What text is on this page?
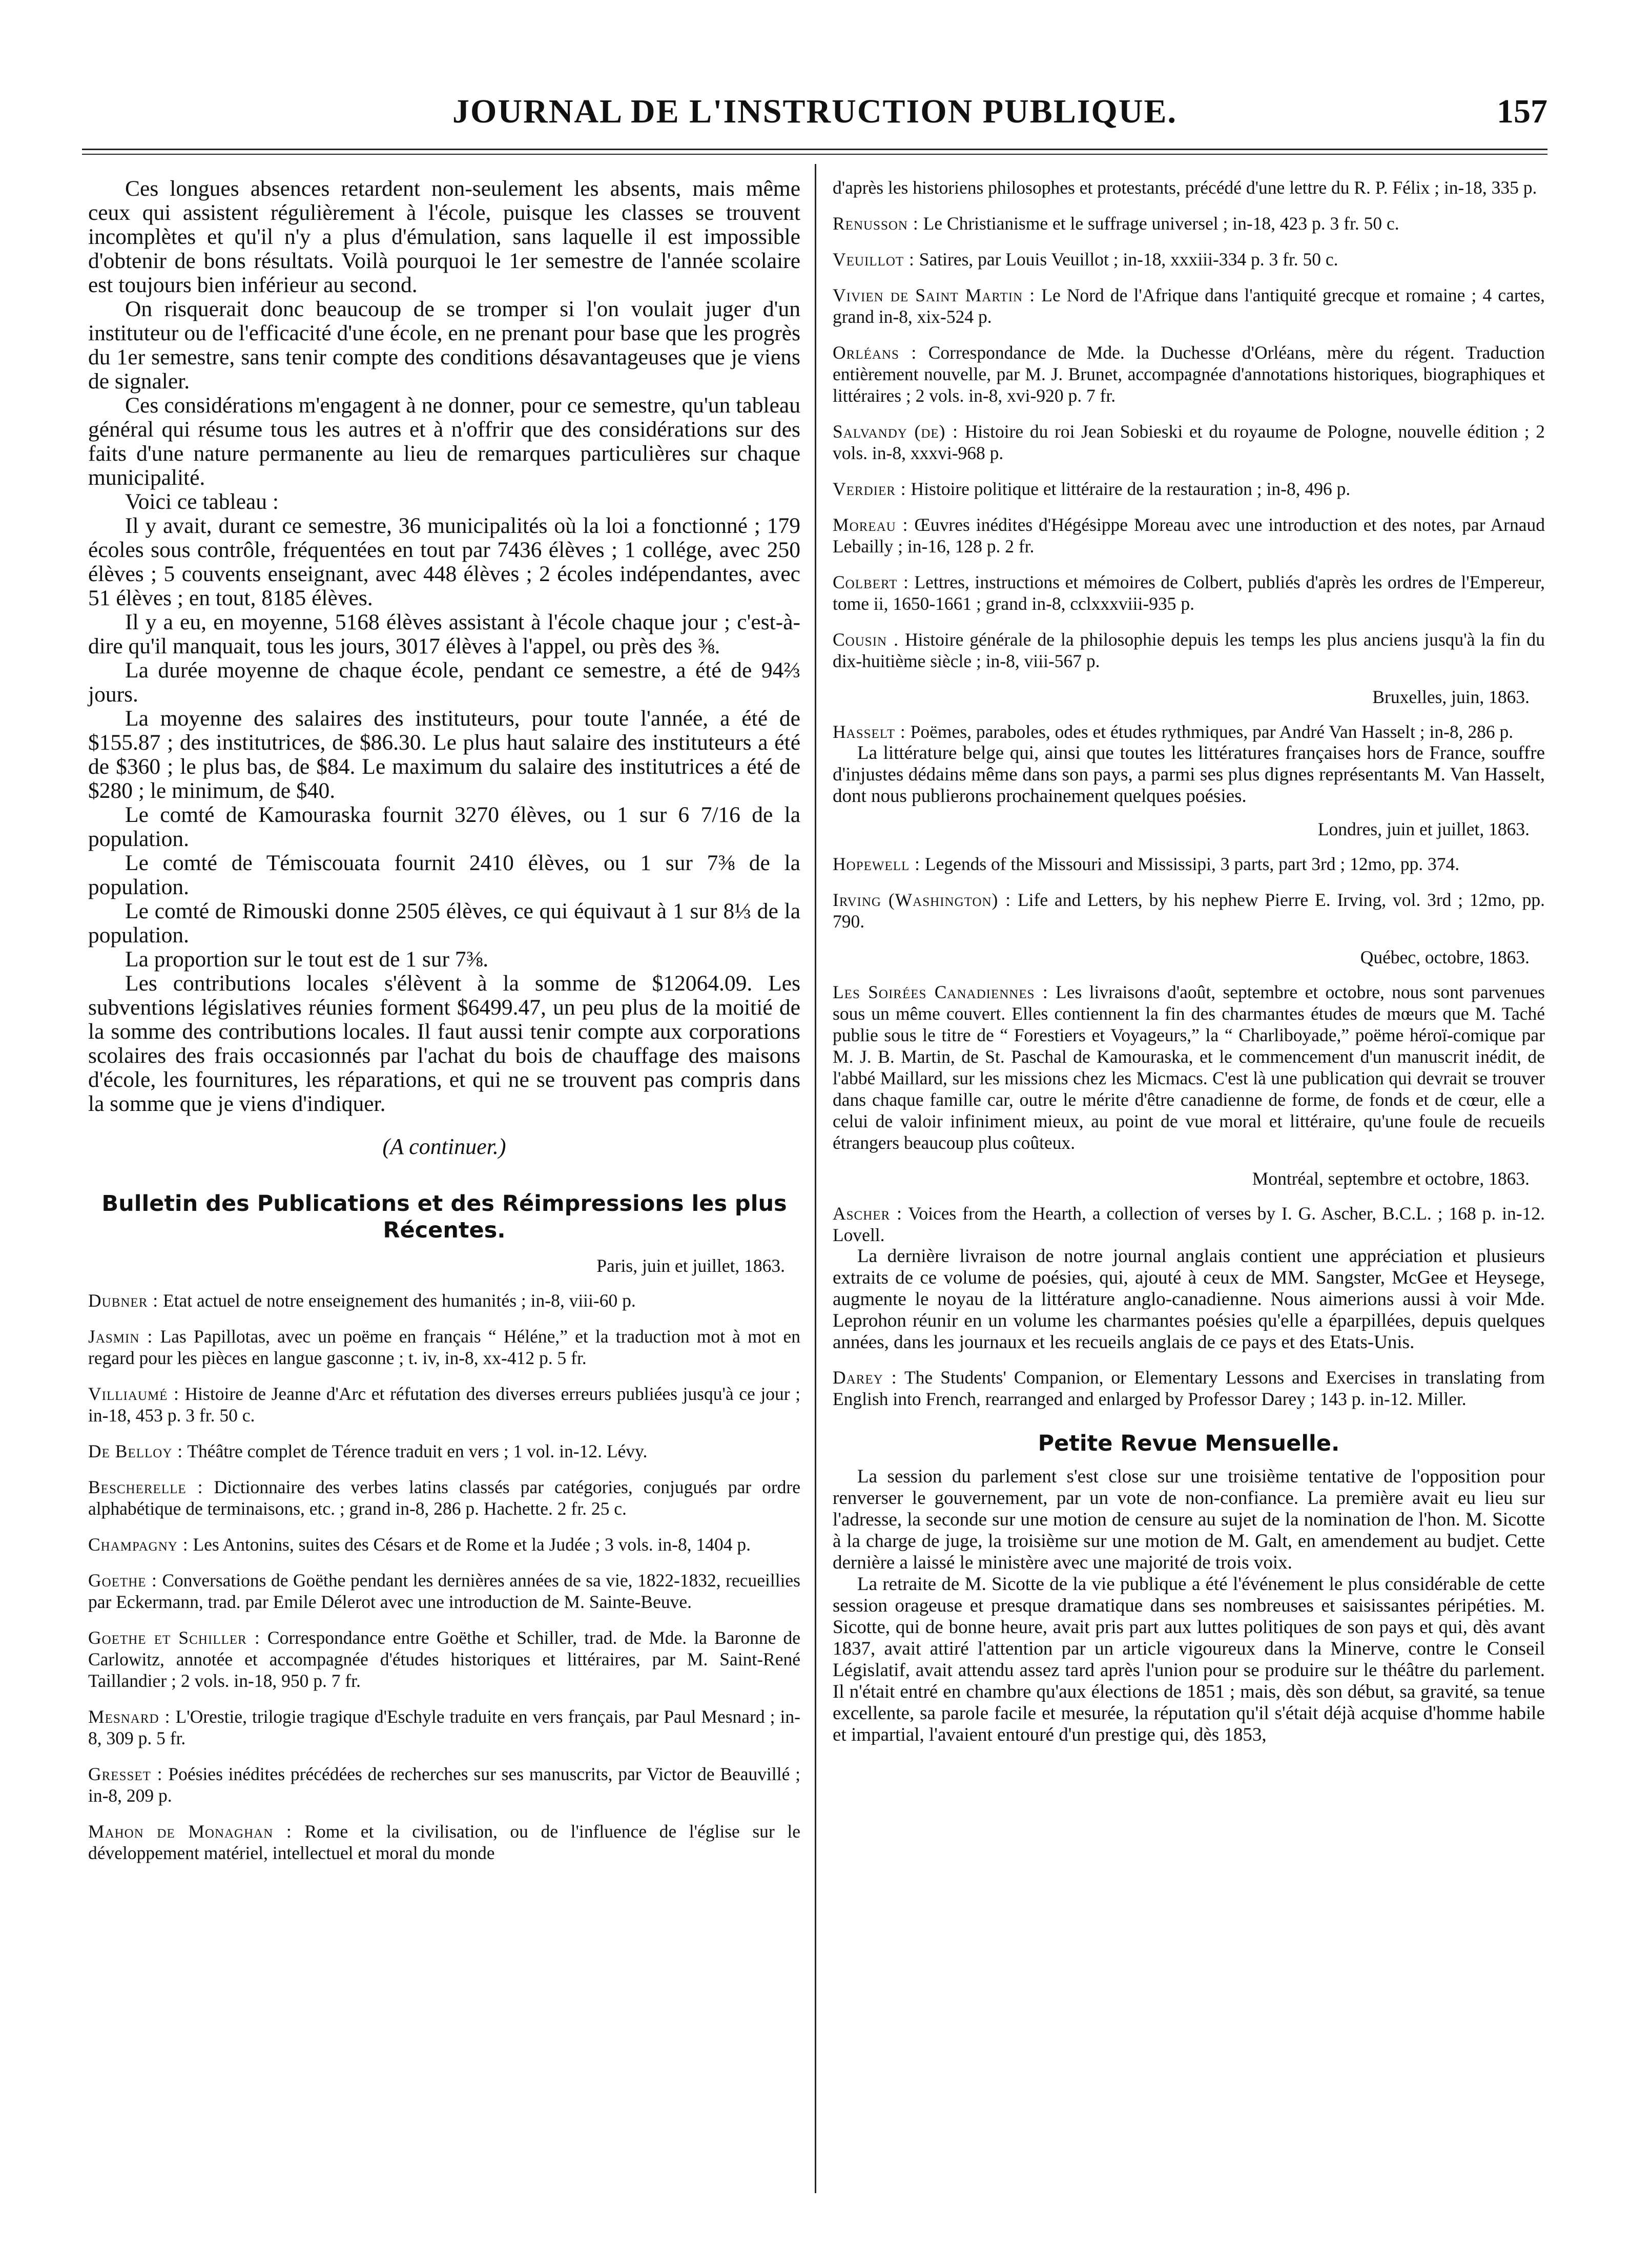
JOURNAL DE L'INSTRUCTION PUBLIQUE.	157

Ces longues absences retardent non-seulement les absents, mais même ceux qui assistent régulièrement à l'école, puisque les classes se trouvent incomplètes et qu'il n'y a plus d'émulation, sans laquelle il est impossible d'obtenir de bons résultats. Voilà pourquoi le 1er semestre de l'année scolaire est toujours bien inférieur au second.

On risquerait donc beaucoup de se tromper si l'on voulait juger d'un instituteur ou de l'efficacité d'une école, en ne prenant pour base que les progrès du 1er semestre, sans tenir compte des conditions désavantageuses que je viens de signaler.

Ces considérations m'engagent à ne donner, pour ce semestre, qu'un tableau général qui résume tous les autres et à n'offrir que des considérations sur des faits d'une nature permanente au lieu de remarques particulières sur chaque municipalité.

Voici ce tableau :

Il y avait, durant ce semestre, 36 municipalités où la loi a fonctionné ; 179 écoles sous contrôle, fréquentées en tout par 7436 élèves ; 1 collége, avec 250 élèves ; 5 couvents enseignant, avec 448 élèves ; 2 écoles indépendantes, avec 51 élèves ; en tout, 8185 élèves.

Il y a eu, en moyenne, 5168 élèves assistant à l'école chaque jour ; c'est-à-dire qu'il manquait, tous les jours, 3017 élèves à l'appel, ou près des ⅜.

La durée moyenne de chaque école, pendant ce semestre, a été de 94⅔ jours.

La moyenne des salaires des instituteurs, pour toute l'année, a été de $155.87 ; des institutrices, de $86.30. Le plus haut salaire des instituteurs a été de $360 ; le plus bas, de $84. Le maximum du salaire des institutrices a été de $280 ; le minimum, de $40.

Le comté de Kamouraska fournit 3270 élèves, ou 1 sur 6 7/16 de la population.

Le comté de Témiscouata fournit 2410 élèves, ou 1 sur 7⅜ de la population.

Le comté de Rimouski donne 2505 élèves, ce qui équivaut à 1 sur 8⅓ de la population.

La proportion sur le tout est de 1 sur 7⅜.

Les contributions locales s'élèvent à la somme de $12064.09. Les subventions législatives réunies forment $6499.47, un peu plus de la moitié de la somme des contributions locales. Il faut aussi tenir compte aux corporations scolaires des frais occasionnés par l'achat du bois de chauffage des maisons d'école, les fournitures, les réparations, et qui ne se trouvent pas compris dans la somme que je viens d'indiquer.

(A continuer.)
Bulletin des Publications et des Réimpressions les plus Récentes.
Paris, juin et juillet, 1863.

Dubner : Etat actuel de notre enseignement des humanités ; in-8, viii-60 p.

Jasmin : Las Papillotas, avec un poëme en français “ Héléne,” et la traduction mot à mot en regard pour les pièces en langue gasconne ; t. iv, in-8, xx-412 p. 5 fr.

Villiaumé : Histoire de Jeanne d'Arc et réfutation des diverses erreurs publiées jusqu'à ce jour ; in-18, 453 p. 3 fr. 50 c.

De Belloy : Théâtre complet de Térence traduit en vers ; 1 vol. in-12. Lévy.

Bescherelle : Dictionnaire des verbes latins classés par catégories, conjugués par ordre alphabétique de terminaisons, etc. ; grand in-8, 286 p. Hachette. 2 fr. 25 c.

Champagny : Les Antonins, suites des Césars et de Rome et la Judée ; 3 vols. in-8, 1404 p.

Goethe : Conversations de Goëthe pendant les dernières années de sa vie, 1822-1832, recueillies par Eckermann, trad. par Emile Délerot avec une introduction de M. Sainte-Beuve.

Goethe et Schiller : Correspondance entre Goëthe et Schiller, trad. de Mde. la Baronne de Carlowitz, annotée et accompagnée d'études historiques et littéraires, par M. Saint-René Taillandier ; 2 vols. in-18, 950 p. 7 fr.

Mesnard : L'Orestie, trilogie tragique d'Eschyle traduite en vers français, par Paul Mesnard ; in-8, 309 p. 5 fr.

Gresset : Poésies inédites précédées de recherches sur ses manuscrits, par Victor de Beauvillé ; in-8, 209 p.

Mahon de Monaghan : Rome et la civilisation, ou de l'influence de l'église sur le développement matériel, intellectuel et moral du monde

d'après les historiens philosophes et protestants, précédé d'une lettre du R. P. Félix ; in-18, 335 p.

Renusson : Le Christianisme et le suffrage universel ; in-18, 423 p. 3 fr. 50 c.

Veuillot : Satires, par Louis Veuillot ; in-18, xxxiii-334 p. 3 fr. 50 c.

Vivien de Saint Martin : Le Nord de l'Afrique dans l'antiquité grecque et romaine ; 4 cartes, grand in-8, xix-524 p.

Orléans : Correspondance de Mde. la Duchesse d'Orléans, mère du régent. Traduction entièrement nouvelle, par M. J. Brunet, accompagnée d'annotations historiques, biographiques et littéraires ; 2 vols. in-8, xvi-920 p. 7 fr.

Salvandy (de) : Histoire du roi Jean Sobieski et du royaume de Pologne, nouvelle édition ; 2 vols. in-8, xxxvi-968 p.

Verdier : Histoire politique et littéraire de la restauration ; in-8, 496 p.

Moreau : Œuvres inédites d'Hégésippe Moreau avec une introduction et des notes, par Arnaud Lebailly ; in-16, 128 p. 2 fr.

Colbert : Lettres, instructions et mémoires de Colbert, publiés d'après les ordres de l'Empereur, tome ii, 1650-1661 ; grand in-8, cclxxxviii-935 p.

Cousin . Histoire générale de la philosophie depuis les temps les plus anciens jusqu'à la fin du dix-huitième siècle ; in-8, viii-567 p.

Bruxelles, juin, 1863.

Hasselt : Poëmes, paraboles, odes et études rythmiques, par André Van Hasselt ; in-8, 286 p.

La littérature belge qui, ainsi que toutes les littératures françaises hors de France, souffre d'injustes dédains même dans son pays, a parmi ses plus dignes représentants M. Van Hasselt, dont nous publierons prochainement quelques poésies.

Londres, juin et juillet, 1863.

Hopewell : Legends of the Missouri and Mississipi, 3 parts, part 3rd ; 12mo, pp. 374.

Irving (Washington) : Life and Letters, by his nephew Pierre E. Irving, vol. 3rd ; 12mo, pp. 790.

Québec, octobre, 1863.

Les Soirées Canadiennes : Les livraisons d'août, septembre et octobre, nous sont parvenues sous un même couvert. Elles contiennent la fin des charmantes études de mœurs que M. Taché publie sous le titre de “ Forestiers et Voyageurs,” la “ Charliboyade,” poëme héroï-comique par M. J. B. Martin, de St. Paschal de Kamouraska, et le commencement d'un manuscrit inédit, de l'abbé Maillard, sur les missions chez les Micmacs. C'est là une publication qui devrait se trouver dans chaque famille car, outre le mérite d'être canadienne de forme, de fonds et de cœur, elle a celui de valoir infiniment mieux, au point de vue moral et littéraire, qu'une foule de recueils étrangers beaucoup plus coûteux.

Montréal, septembre et octobre, 1863.

Ascher : Voices from the Hearth, a collection of verses by I. G. Ascher, B.C.L. ; 168 p. in-12. Lovell.

La dernière livraison de notre journal anglais contient une appréciation et plusieurs extraits de ce volume de poésies, qui, ajouté à ceux de MM. Sangster, McGee et Heysege, augmente le noyau de la littérature anglo-canadienne. Nous aimerions aussi à voir Mde. Leprohon réunir en un volume les charmantes poésies qu'elle a éparpillées, depuis quelques années, dans les journaux et les recueils anglais de ce pays et des Etats-Unis.

Darey : The Students' Companion, or Elementary Lessons and Exercises in translating from English into French, rearranged and enlarged by Professor Darey ; 143 p. in-12. Miller.

Petite Revue Mensuelle.

La session du parlement s'est close sur une troisième tentative de l'opposition pour renverser le gouvernement, par un vote de non-confiance. La première avait eu lieu sur l'adresse, la seconde sur une motion de censure au sujet de la nomination de l'hon. M. Sicotte à la charge de juge, la troisième sur une motion de M. Galt, en amendement au budjet. Cette dernière a laissé le ministère avec une majorité de trois voix.

La retraite de M. Sicotte de la vie publique a été l'événement le plus considérable de cette session orageuse et presque dramatique dans ses nombreuses et saisissantes péripéties. M. Sicotte, qui de bonne heure, avait pris part aux luttes politiques de son pays et qui, dès avant 1837, avait attiré l'attention par un article vigoureux dans la Minerve, contre le Conseil Législatif, avait attendu assez tard après l'union pour se produire sur le théâtre du parlement. Il n'était entré en chambre qu'aux élections de 1851 ; mais, dès son début, sa gravité, sa tenue excellente, sa parole facile et mesurée, la réputation qu'il s'était déjà acquise d'homme habile et impartial, l'avaient entouré d'un prestige qui, dès 1853,
